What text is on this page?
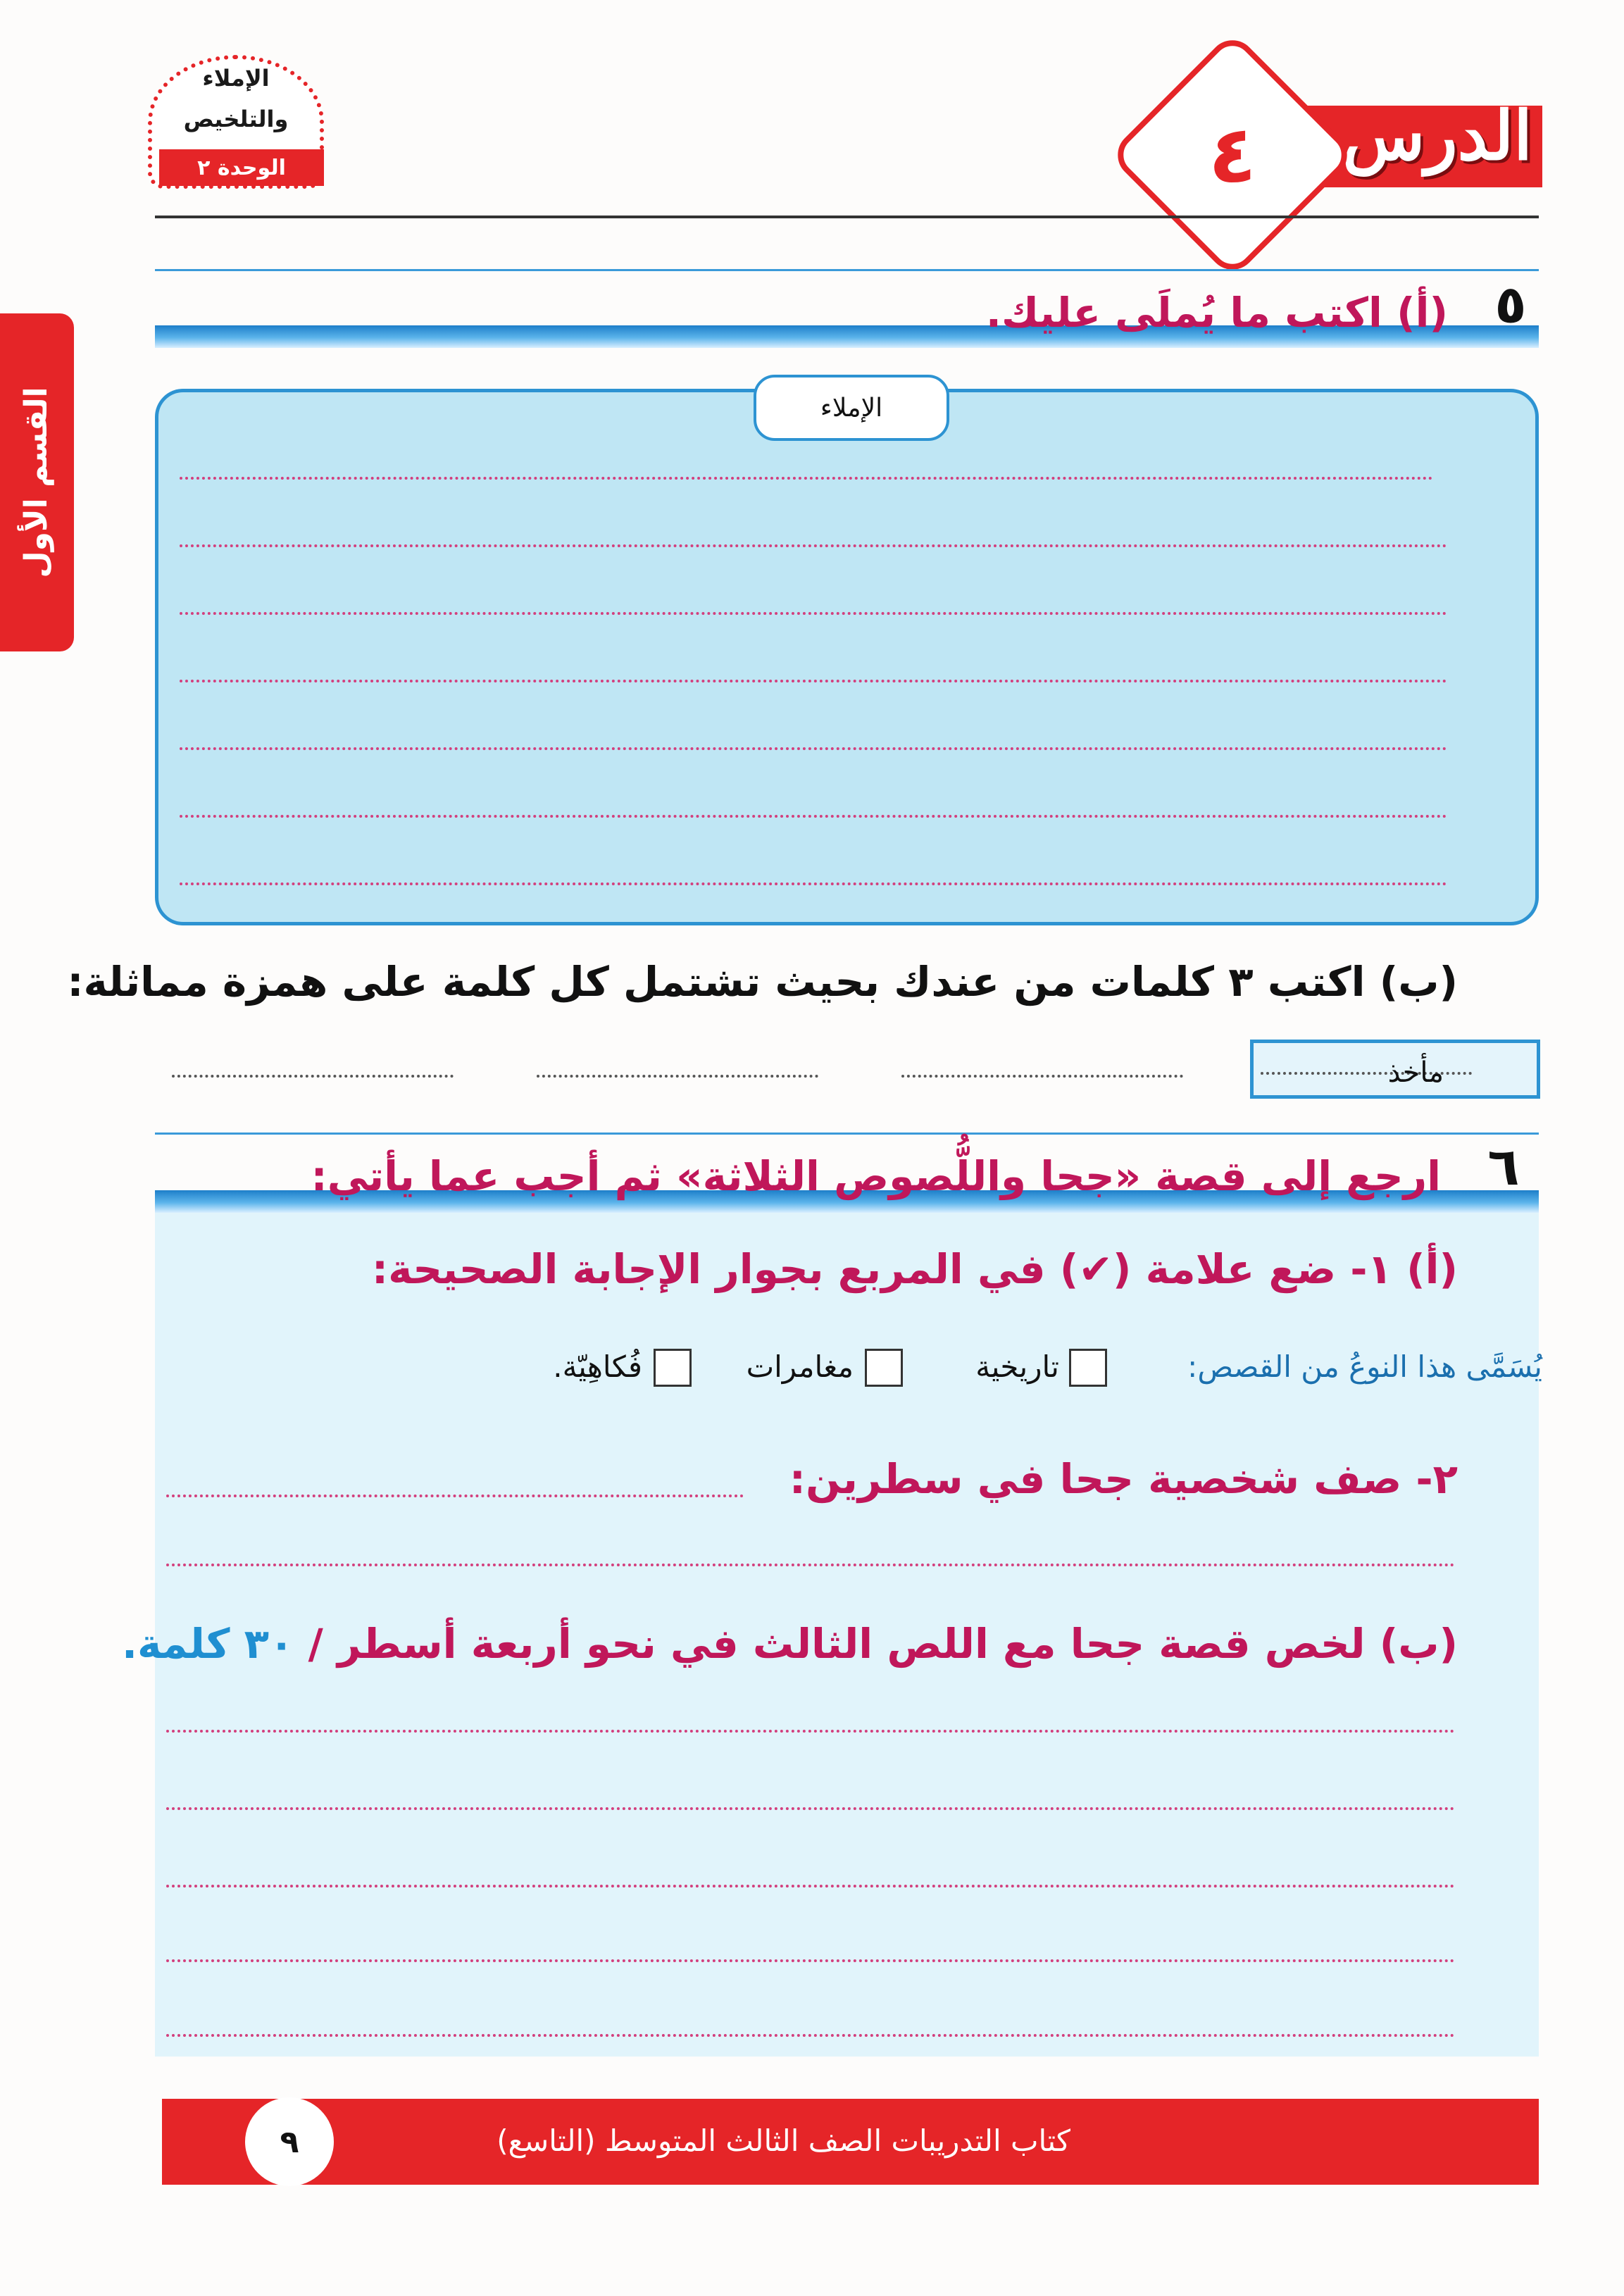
الإملاء
والتلخيص
الوحدة ٢	الدرس
٤
القسم الأول
٥
(أ) اكتب ما يُملَى عليك.
الإملاء
(ب) اكتب ٣ كلمات من عندك بحيث تشتمل كل كلمة على همزة مماثلة:
مأخذ
٦
ارجع إلى قصة «جحا واللُّصوص الثلاثة» ثم أجب عما يأتي:
(أ) ١- ضع علامة (✔) في المربع بجوار الإجابة الصحيحة:
يُسَمَّى هذا النوعُ من القصص:
تاريخية
مغامرات
فُكاهِيّة.
٢- صف شخصية جحا في سطرين:
(ب) لخص قصة جحا مع اللص الثالث في نحو أربعة أسطر / ٣٠ كلمة.
كتاب التدريبات الصف الثالث المتوسط (التاسع)
٩
